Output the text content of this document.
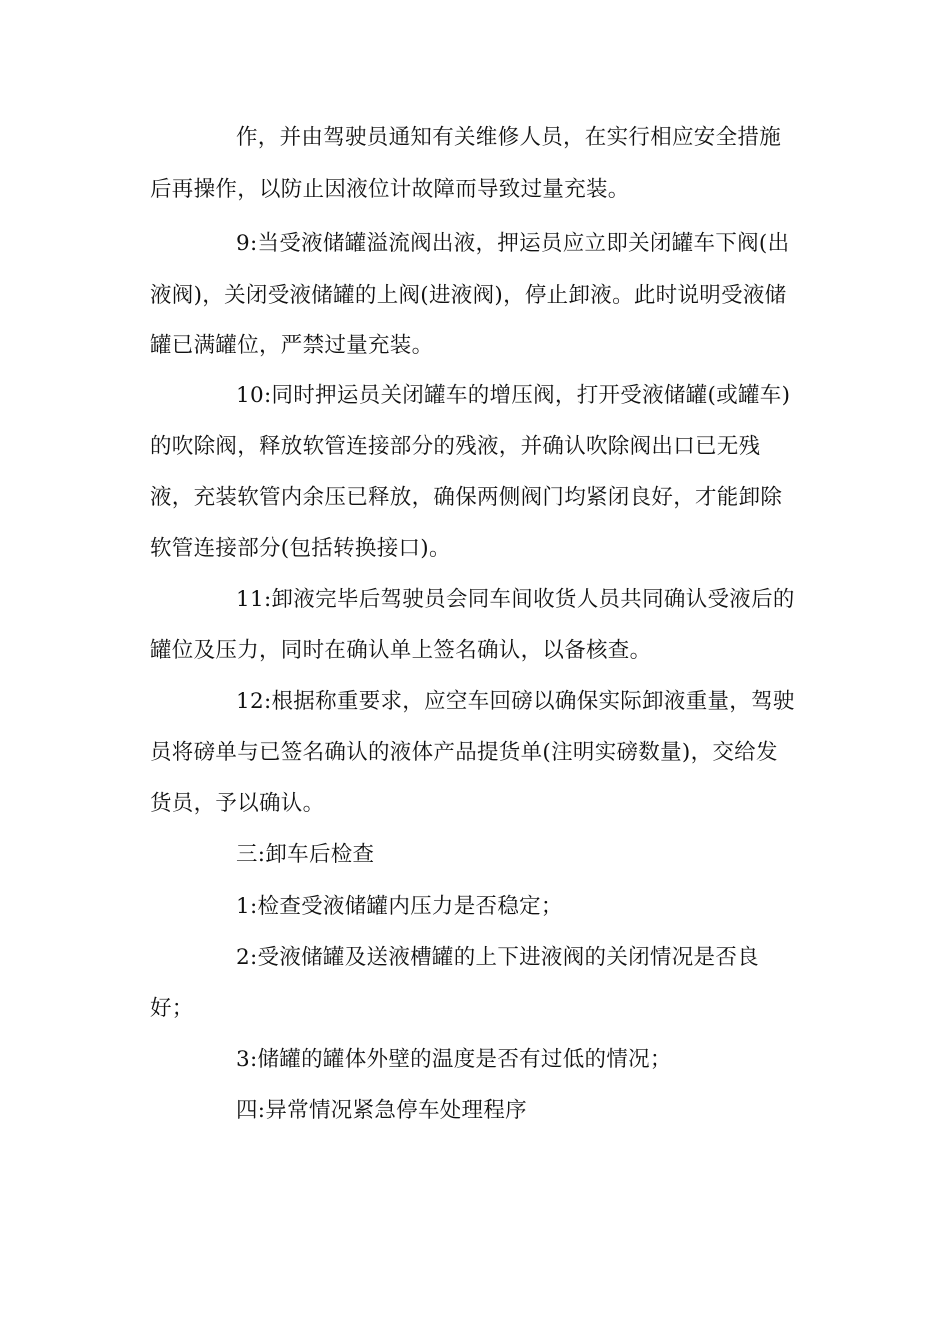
作，并由驾驶员通知有关维修人员，在实行相应安全措施
后再操作，以防止因液位计故障而导致过量充装。
9:当受液储罐溢流阀出液，押运员应立即关闭罐车下阀(出
液阀)，关闭受液储罐的上阀(进液阀)，停止卸液。此时说明受液储
罐已满罐位，严禁过量充装。
10:同时押运员关闭罐车的增压阀，打开受液储罐(或罐车)
的吹除阀，释放软管连接部分的残液，并确认吹除阀出口已无残
液，充装软管内余压已释放，确保两侧阀门均紧闭良好，才能卸除
软管连接部分(包括转换接口)。
11:卸液完毕后驾驶员会同车间收货人员共同确认受液后的
罐位及压力，同时在确认单上签名确认，以备核查。
12:根据称重要求，应空车回磅以确保实际卸液重量，驾驶
员将磅单与已签名确认的液体产品提货单(注明实磅数量)，交给发
货员，予以确认。
三:卸车后检查
1:检查受液储罐内压力是否稳定；
2:受液储罐及送液槽罐的上下进液阀的关闭情况是否良
好；
3:储罐的罐体外壁的温度是否有过低的情况；
四:异常情况紧急停车处理程序
